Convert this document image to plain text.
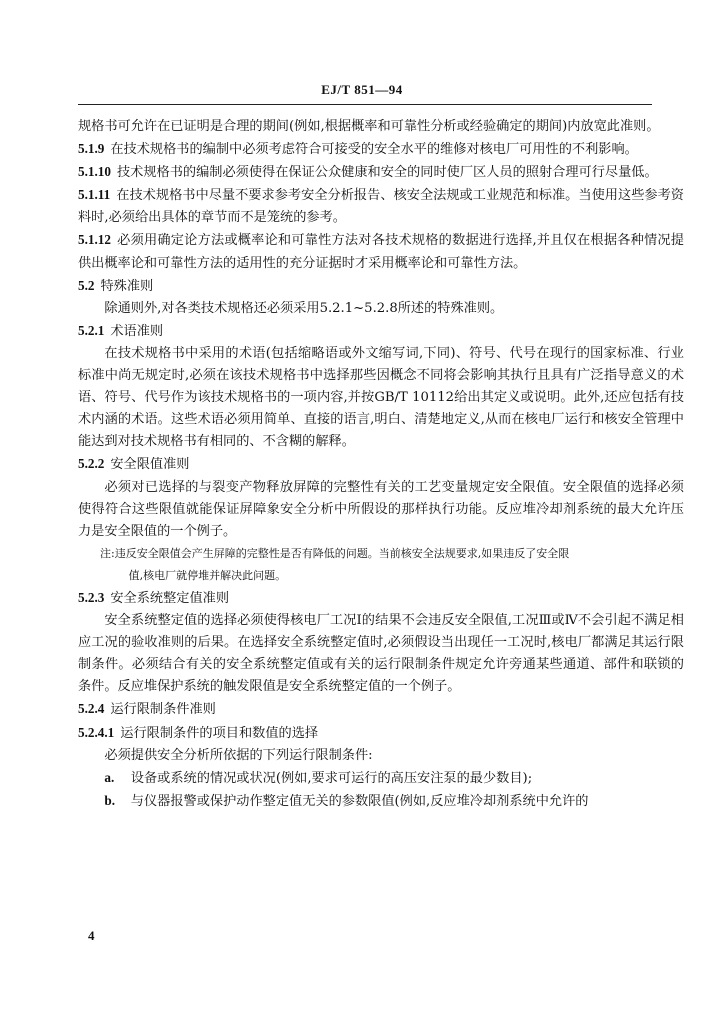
EJ/T 851—94

规格书可允许在已证明是合理的期间(例如,根据概率和可靠性分析或经验确定的期间)内放宽此准则。

5.1.9 在技术规格书的编制中必须考虑符合可接受的安全水平的维修对核电厂可用性的不利影响。

5.1.10 技术规格书的编制必须使得在保证公众健康和安全的同时使厂区人员的照射合理可行尽量低。

5.1.11 在技术规格书中尽量不要求参考安全分析报告、核安全法规或工业规范和标准。当使用这些参考资料时,必须给出具体的章节而不是笼统的参考。

5.1.12 必须用确定论方法或概率论和可靠性方法对各技术规格的数据进行选择,并且仅在根据各种情况提供出概率论和可靠性方法的适用性的充分证据时才采用概率论和可靠性方法。

5.2 特殊准则

除通则外,对各类技术规格还必须采用5.2.1~5.2.8所述的特殊准则。

5.2.1 术语准则

在技术规格书中采用的术语(包括缩略语或外文缩写词,下同)、符号、代号在现行的国家标准、行业标准中尚无规定时,必须在该技术规格书中选择那些因概念不同将会影响其执行且具有广泛指导意义的术语、符号、代号作为该技术规格书的一项内容,并按GB/T 10112给出其定义或说明。此外,还应包括有技术内涵的术语。这些术语必须用简单、直接的语言,明白、清楚地定义,从而在核电厂运行和核安全管理中能达到对技术规格书有相同的、不含糊的解释。

5.2.2 安全限值准则

必须对已选择的与裂变产物释放屏障的完整性有关的工艺变量规定安全限值。安全限值的选择必须使得符合这些限值就能保证屏障象安全分析中所假设的那样执行功能。反应堆冷却剂系统的最大允许压力是安全限值的一个例子。

注:违反安全限值会产生屏障的完整性是否有降低的问题。当前核安全法规要求,如果违反了安全限

值,核电厂就停堆并解决此问题。

5.2.3 安全系统整定值准则

安全系统整定值的选择必须使得核电厂工况Ⅰ的结果不会违反安全限值,工况Ⅲ或Ⅳ不会引起不满足相应工况的验收准则的后果。在选择安全系统整定值时,必须假设当出现任一工况时,核电厂都满足其运行限制条件。必须结合有关的安全系统整定值或有关的运行限制条件规定允许旁通某些通道、部件和联锁的条件。反应堆保护系统的触发限值是安全系统整定值的一个例子。

5.2.4 运行限制条件准则

5.2.4.1 运行限制条件的项目和数值的选择

必须提供安全分析所依据的下列运行限制条件:

a. 设备或系统的情况或状况(例如,要求可运行的高压安注泵的最少数目);

b. 与仪器报警或保护动作整定值无关的参数限值(例如,反应堆冷却剂系统中允许的

4
